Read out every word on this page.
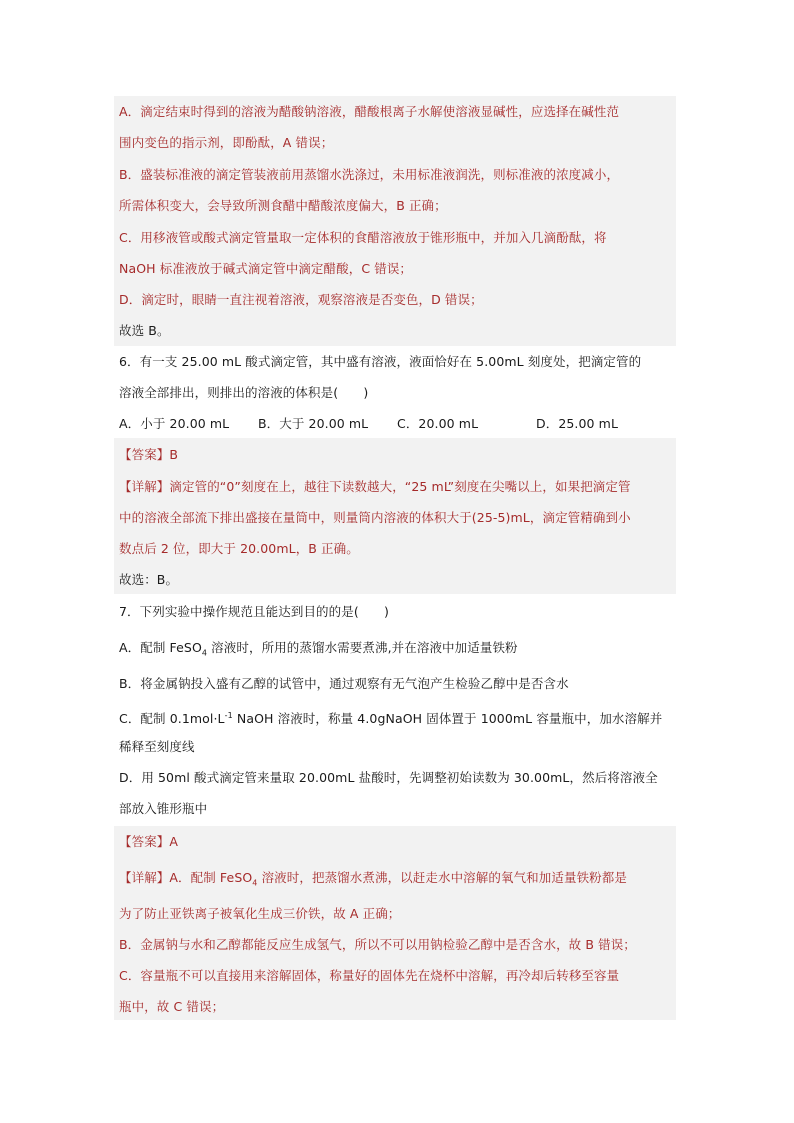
A．滴定结束时得到的溶液为醋酸钠溶液，醋酸根离子水解使溶液显碱性，应选择在碱性范
围内变色的指示剂，即酚酞，A 错误；
B．盛装标准液的滴定管装液前用蒸馏水洗涤过，未用标准液润洗，则标准液的浓度减小，
所需体积变大，会导致所测食醋中醋酸浓度偏大，B 正确；
C．用移液管或酸式滴定管量取一定体积的食醋溶液放于锥形瓶中，并加入几滴酚酞，将
NaOH 标准液放于碱式滴定管中滴定醋酸，C 错误；
D．滴定时，眼睛一直注视着溶液，观察溶液是否变色，D 错误；
故选 B。
6．有一支 25.00 mL 酸式滴定管，其中盛有溶液，液面恰好在 5.00mL 刻度处，把滴定管的
溶液全部排出，则排出的溶液的体积是(　　)
A．小于 20.00 mL B．大于 20.00 mL C．20.00 mL	D．25.00 mL
【答案】B
【详解】滴定管的“0”刻度在上，越往下读数越大，“25 mL”刻度在尖嘴以上，如果把滴定管
中的溶液全部流下排出盛接在量筒中，则量筒内溶液的体积大于(25-5)mL，滴定管精确到小
数点后 2 位，即大于 20.00mL，B 正确。
故选：B。
7．下列实验中操作规范且能达到目的的是(　　)
A．配制 FeSO$_4$ 溶液时，所用的蒸馏水需要煮沸,并在溶液中加适量铁粉
B．将金属钠投入盛有乙醇的试管中，通过观察有无气泡产生检验乙醇中是否含水
C．配制 $0.1mol\cdot L^{-1}$ NaOH 溶液时，称量 4.0gNaOH 固体置于 1000mL 容量瓶中，加水溶解并
稀释至刻度线
D．用 50ml 酸式滴定管来量取 20.00mL 盐酸时，先调整初始读数为 30.00mL，然后将溶液全
部放入锥形瓶中
【答案】A
【详解】A．配制 FeSO$_4$ 溶液时，把蒸馏水煮沸，以赶走水中溶解的氧气和加适量铁粉都是
为了防止亚铁离子被氧化生成三价铁，故 A 正确；
B．金属钠与水和乙醇都能反应生成氢气，所以不可以用钠检验乙醇中是否含水，故 B 错误；
C．容量瓶不可以直接用来溶解固体，称量好的固体先在烧杯中溶解，再冷却后转移至容量
瓶中，故 C 错误；
